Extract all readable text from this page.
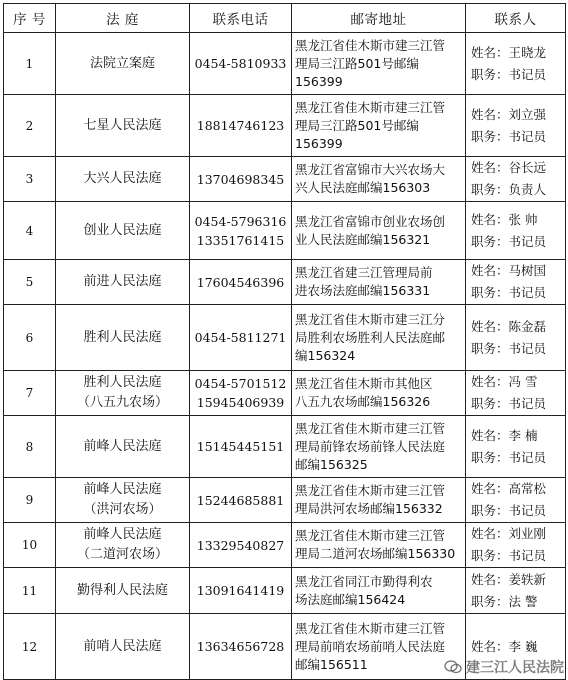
序 号	法 庭	联系电话	邮寄地址	联系人
1	法院立案庭	0454-5810933	黑龙江省佳木斯市建三江管
理局三江路501号邮编
156399	姓名：王晓龙
职务：书记员

2	七星人民法庭	18814746123	黑龙江省佳木斯市建三江管
理局三江路501号邮编
156399	姓名：刘立强
职务：书记员

3	大兴人民法庭	13704698345	黑龙江省富锦市大兴农场大
兴人民法庭邮编156303	姓名：谷长远
职务：负责人

4	创业人民法庭	0454-5796316
13351761415	黑龙江省富锦市创业农场创
业人民法庭邮编156321	姓名：张 帅
职务：书记员

5	前进人民法庭	17604546396	黑龙江省建三江管理局前
进农场法庭邮编156331	姓名：马树国
职务：书记员

6	胜利人民法庭	0454-5811271	黑龙江省佳木斯市建三江分
局胜利农场胜利人民法庭邮
编156324	姓名：陈金磊
职务：书记员

7	胜利人民法庭
（八五九农场）	0454-5701512
15945406939	黑龙江省佳木斯市其他区
八五九农场邮编156326	姓名：冯 雪
职务：书记员

8	前峰人民法庭	15145445151	黑龙江省佳木斯市建三江管
理局前锋农场前锋人民法庭
邮编156325	姓名：李 楠
职务：书记员

9	前峰人民法庭
（洪河农场）	15244685881	黑龙江省佳木斯市建三江管
理局洪河农场邮编156332	姓名：高常松
职务：书记员

10	前峰人民法庭
（二道河农场）	13329540827	黑龙江省佳木斯市建三江管
理局二道河农场邮编156330	姓名：刘业刚
职务：书记员

11	勤得利人民法庭	13091641419	黑龙江省同江市勤得利农
场法庭邮编156424	姓名：姜轶新
职务：法 警

12	前哨人民法庭	13634656728	黑龙江省佳木斯市建三江管
理局前哨农场前哨人民法庭
邮编156511	姓名：李 巍
建三江人民法院
